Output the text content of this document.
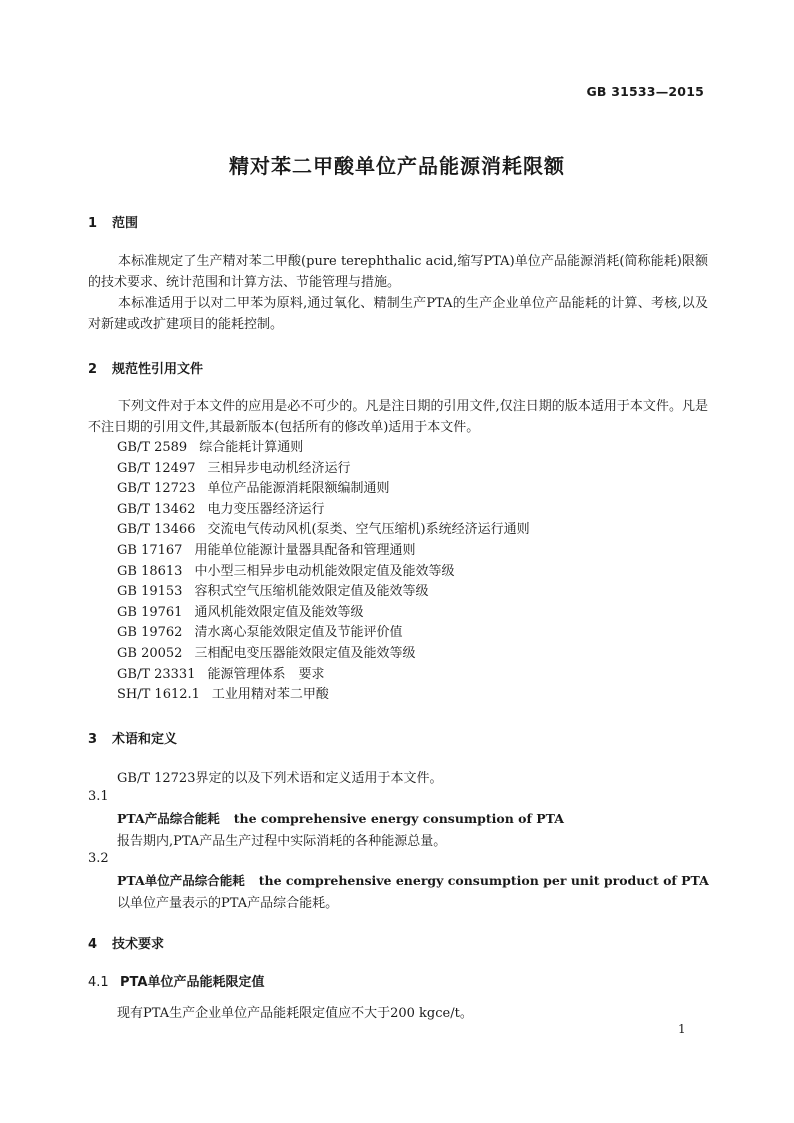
GB 31533—2015
精对苯二甲酸单位产品能源消耗限额
1 范围
本标准规定了生产精对苯二甲酸(pure terephthalic acid,缩写PTA)单位产品能源消耗(简称能耗)限额的技术要求、统计范围和计算方法、节能管理与措施。
本标准适用于以对二甲苯为原料,通过氧化、精制生产PTA的生产企业单位产品能耗的计算、考核,以及对新建或改扩建项目的能耗控制。
2 规范性引用文件
下列文件对于本文件的应用是必不可少的。凡是注日期的引用文件,仅注日期的版本适用于本文件。凡是不注日期的引用文件,其最新版本(包括所有的修改单)适用于本文件。
GB/T 2589 综合能耗计算通则
GB/T 12497 三相异步电动机经济运行
GB/T 12723 单位产品能源消耗限额编制通则
GB/T 13462 电力变压器经济运行
GB/T 13466 交流电气传动风机(泵类、空气压缩机)系统经济运行通则
GB 17167 用能单位能源计量器具配备和管理通则
GB 18613 中小型三相异步电动机能效限定值及能效等级
GB 19153 容积式空气压缩机能效限定值及能效等级
GB 19761 通风机能效限定值及能效等级
GB 19762 清水离心泵能效限定值及节能评价值
GB 20052 三相配电变压器能效限定值及能效等级
GB/T 23331 能源管理体系　要求
SH/T 1612.1 工业用精对苯二甲酸
3 术语和定义
GB/T 12723界定的以及下列术语和定义适用于本文件。
3.1
PTA产品综合能耗 the comprehensive energy consumption of PTA
报告期内,PTA产品生产过程中实际消耗的各种能源总量。
3.2
PTA单位产品综合能耗 the comprehensive energy consumption per unit product of PTA
以单位产量表示的PTA产品综合能耗。
4 技术要求
4.1 PTA单位产品能耗限定值
现有PTA生产企业单位产品能耗限定值应不大于200 kgce/t。
1
